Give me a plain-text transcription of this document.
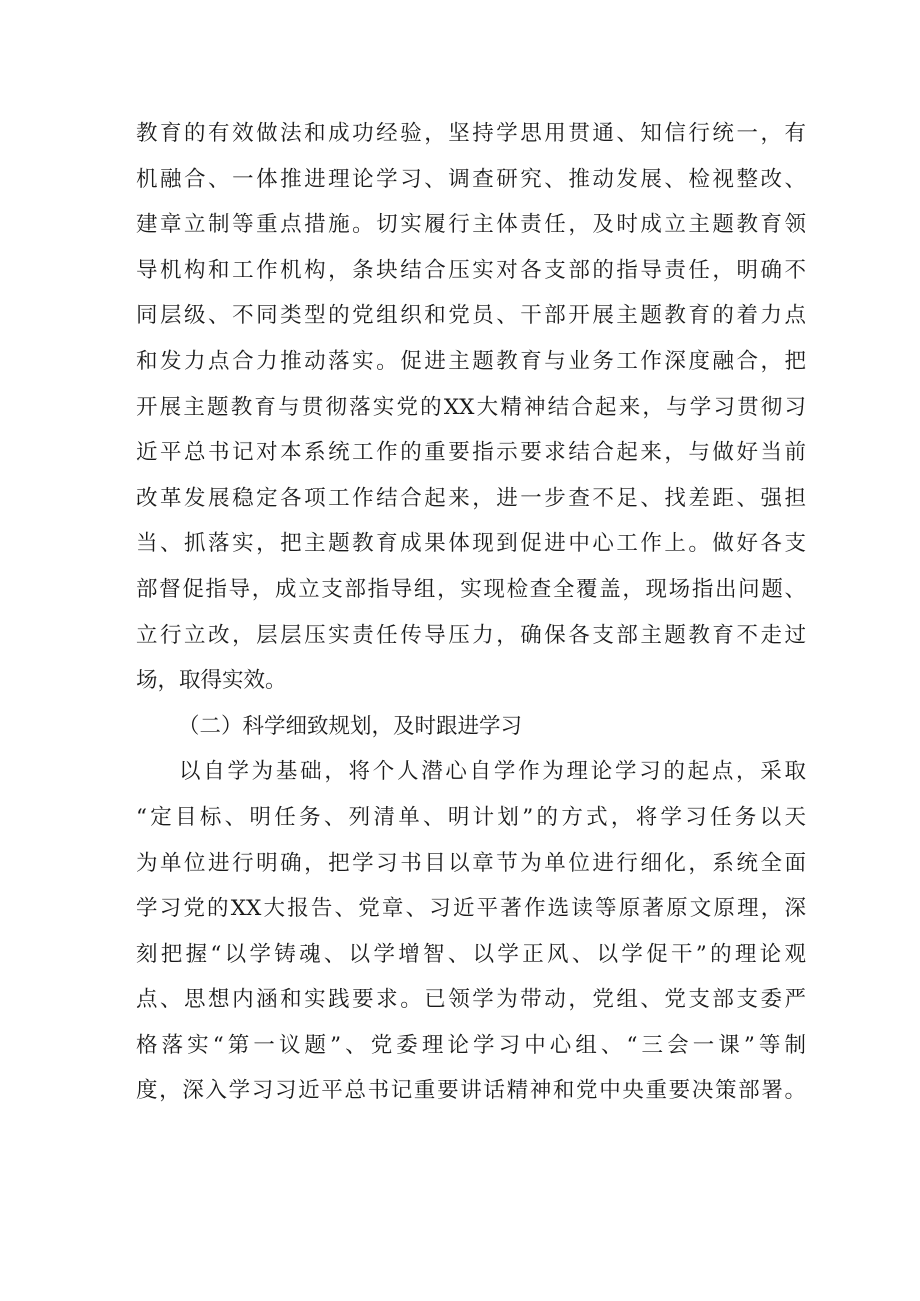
教育的有效做法和成功经验，坚持学思用贯通、知信行统一，有
机融合、一体推进理论学习、调查研究、推动发展、检视整改、
建章立制等重点措施。切实履行主体责任，及时成立主题教育领
导机构和工作机构，条块结合压实对各支部的指导责任，明确不
同层级、不同类型的党组织和党员、干部开展主题教育的着力点
和发力点合力推动落实。促进主题教育与业务工作深度融合，把
开展主题教育与贯彻落实党的XX大精神结合起来，与学习贯彻习
近平总书记对本系统工作的重要指示要求结合起来，与做好当前
改革发展稳定各项工作结合起来，进一步查不足、找差距、强担
当、抓落实，把主题教育成果体现到促进中心工作上。做好各支
部督促指导，成立支部指导组，实现检查全覆盖，现场指出问题、
立行立改，层层压实责任传导压力，确保各支部主题教育不走过
场，取得实效。
（二）科学细致规划，及时跟进学习
以自学为基础，将个人潜心自学作为理论学习的起点，采取
“定目标、明任务、列清单、明计划”的方式，将学习任务以天
为单位进行明确，把学习书目以章节为单位进行细化，系统全面
学习党的XX大报告、党章、习近平著作选读等原著原文原理，深
刻把握“以学铸魂、以学增智、以学正风、以学促干”的理论观
点、思想内涵和实践要求。已领学为带动，党组、党支部支委严
格落实“第一议题”、党委理论学习中心组、“三会一课”等制
度，深入学习习近平总书记重要讲话精神和党中央重要决策部署。
